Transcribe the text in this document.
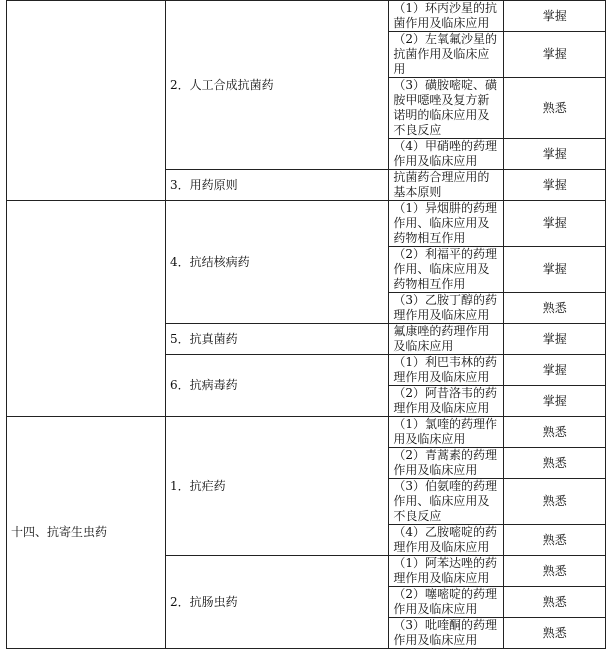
	2．人工合成抗菌药	（1）环丙沙星的抗菌作用及临床应用	掌握
		（2）左氧氟沙星的抗菌作用及临床应用	掌握
		（3）磺胺嘧啶、磺胺甲噁唑及复方新诺明的临床应用及不良反应	熟悉
		（4）甲硝唑的药理作用及临床应用	掌握
	3．用药原则	抗菌药合理应用的基本原则	掌握
	4．抗结核病药	（1）异烟肼的药理作用、临床应用及药物相互作用	掌握
		（2）利福平的药理作用、临床应用及药物相互作用	掌握
		（3）乙胺丁醇的药理作用及临床应用	熟悉
	5．抗真菌药	氟康唑的药理作用及临床应用	掌握
	6．抗病毒药	（1）利巴韦林的药理作用及临床应用	掌握
		（2）阿昔洛韦的药理作用及临床应用	掌握
十四、抗寄生虫药	1．抗疟药	（1）氯喹的药理作用及临床应用	熟悉
		（2）青蒿素的药理作用及临床应用	熟悉
		（3）伯氨喹的药理作用、临床应用及不良反应	熟悉
		（4）乙胺嘧啶的药理作用及临床应用	熟悉
	2．抗肠虫药	（1）阿苯达唑的药理作用及临床应用	熟悉
		（2）噻嘧啶的药理作用及临床应用	熟悉
		（3）吡喹酮的药理作用及临床应用	熟悉
